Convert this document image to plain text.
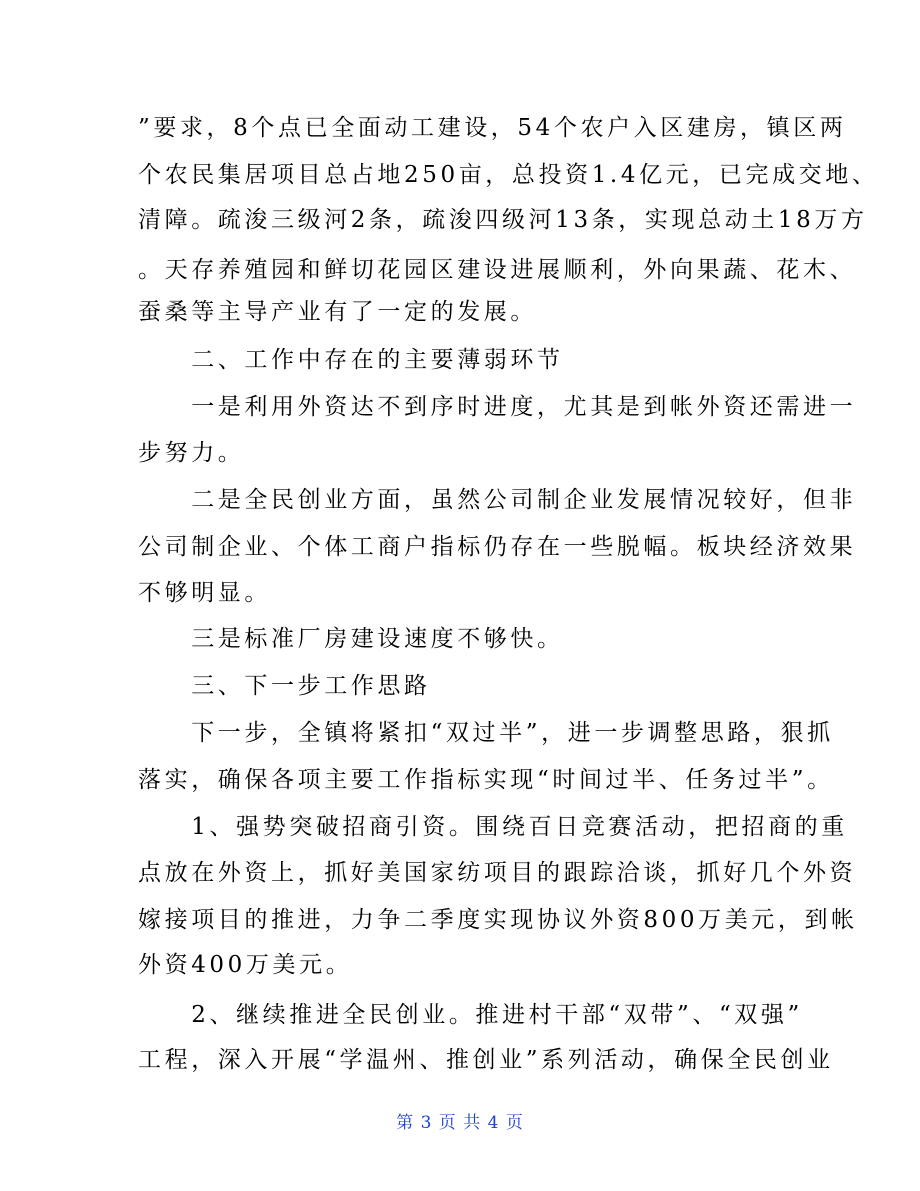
”要求，8个点已全面动工建设，54个农户入区建房，镇区两
个农民集居项目总占地250亩，总投资1.4亿元，已完成交地、
清障。疏浚三级河2条，疏浚四级河13条，实现总动土18万方
。天存养殖园和鲜切花园区建设进展顺利，外向果蔬、花木、
蚕桑等主导产业有了一定的发展。
　　二、工作中存在的主要薄弱环节
　　一是利用外资达不到序时进度，尤其是到帐外资还需进一
步努力。
　　二是全民创业方面，虽然公司制企业发展情况较好，但非
公司制企业、个体工商户指标仍存在一些脱幅。板块经济效果
不够明显。
　　三是标准厂房建设速度不够快。
　　三、下一步工作思路
　　下一步，全镇将紧扣“双过半”，进一步调整思路，狠抓
落实，确保各项主要工作指标实现“时间过半、任务过半”。
　　1、强势突破招商引资。围绕百日竞赛活动，把招商的重
点放在外资上，抓好美国家纺项目的跟踪洽谈，抓好几个外资
嫁接项目的推进，力争二季度实现协议外资800万美元，到帐
外资400万美元。
　　2、继续推进全民创业。推进村干部“双带”、“双强”
工程，深入开展“学温州、推创业”系列活动，确保全民创业
第 3 页 共 4 页
